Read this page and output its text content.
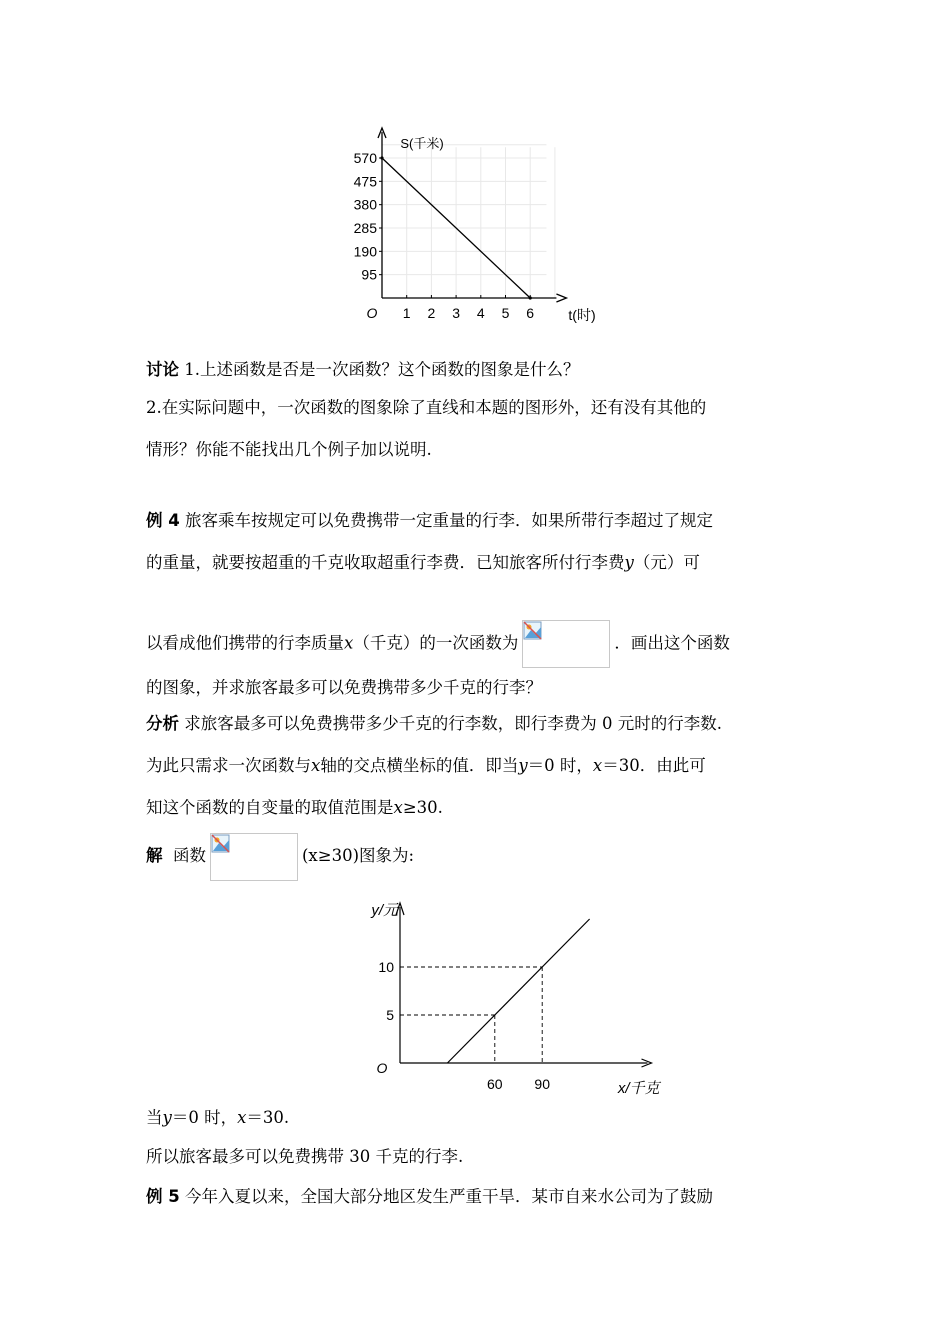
570
475
380
285
190
95
1 2 3 4 5 6
O
S(千米)
t(时)
10
5
60 90
O
y/元
x/千克
讨论 1.上述函数是否是一次函数？这个函数的图象是什么？
2.在实际问题中，一次函数的图象除了直线和本题的图形外，还有没有其他的
情形？你能不能找出几个例子加以说明.
例 4 旅客乘车按规定可以免费携带一定重量的行李．如果所带行李超过了规定
的重量，就要按超重的千克收取超重行李费．已知旅客所付行李费y（元）可
以看成他们携带的行李质量x（千克）的一次函数为	．画出这个函数
的图象，并求旅客最多可以免费携带多少千克的行李？
分析 求旅客最多可以免费携带多少千克的行李数，即行李费为 0 元时的行李数.
为此只需求一次函数与x轴的交点横坐标的值．即当y＝0 时，x＝30．由此可
知这个函数的自变量的取值范围是x≥30.
解 函数	(x≥30)图象为:
当y＝0 时，x＝30.
所以旅客最多可以免费携带 30 千克的行李.
例 5 今年入夏以来，全国大部分地区发生严重干旱．某市自来水公司为了鼓励
